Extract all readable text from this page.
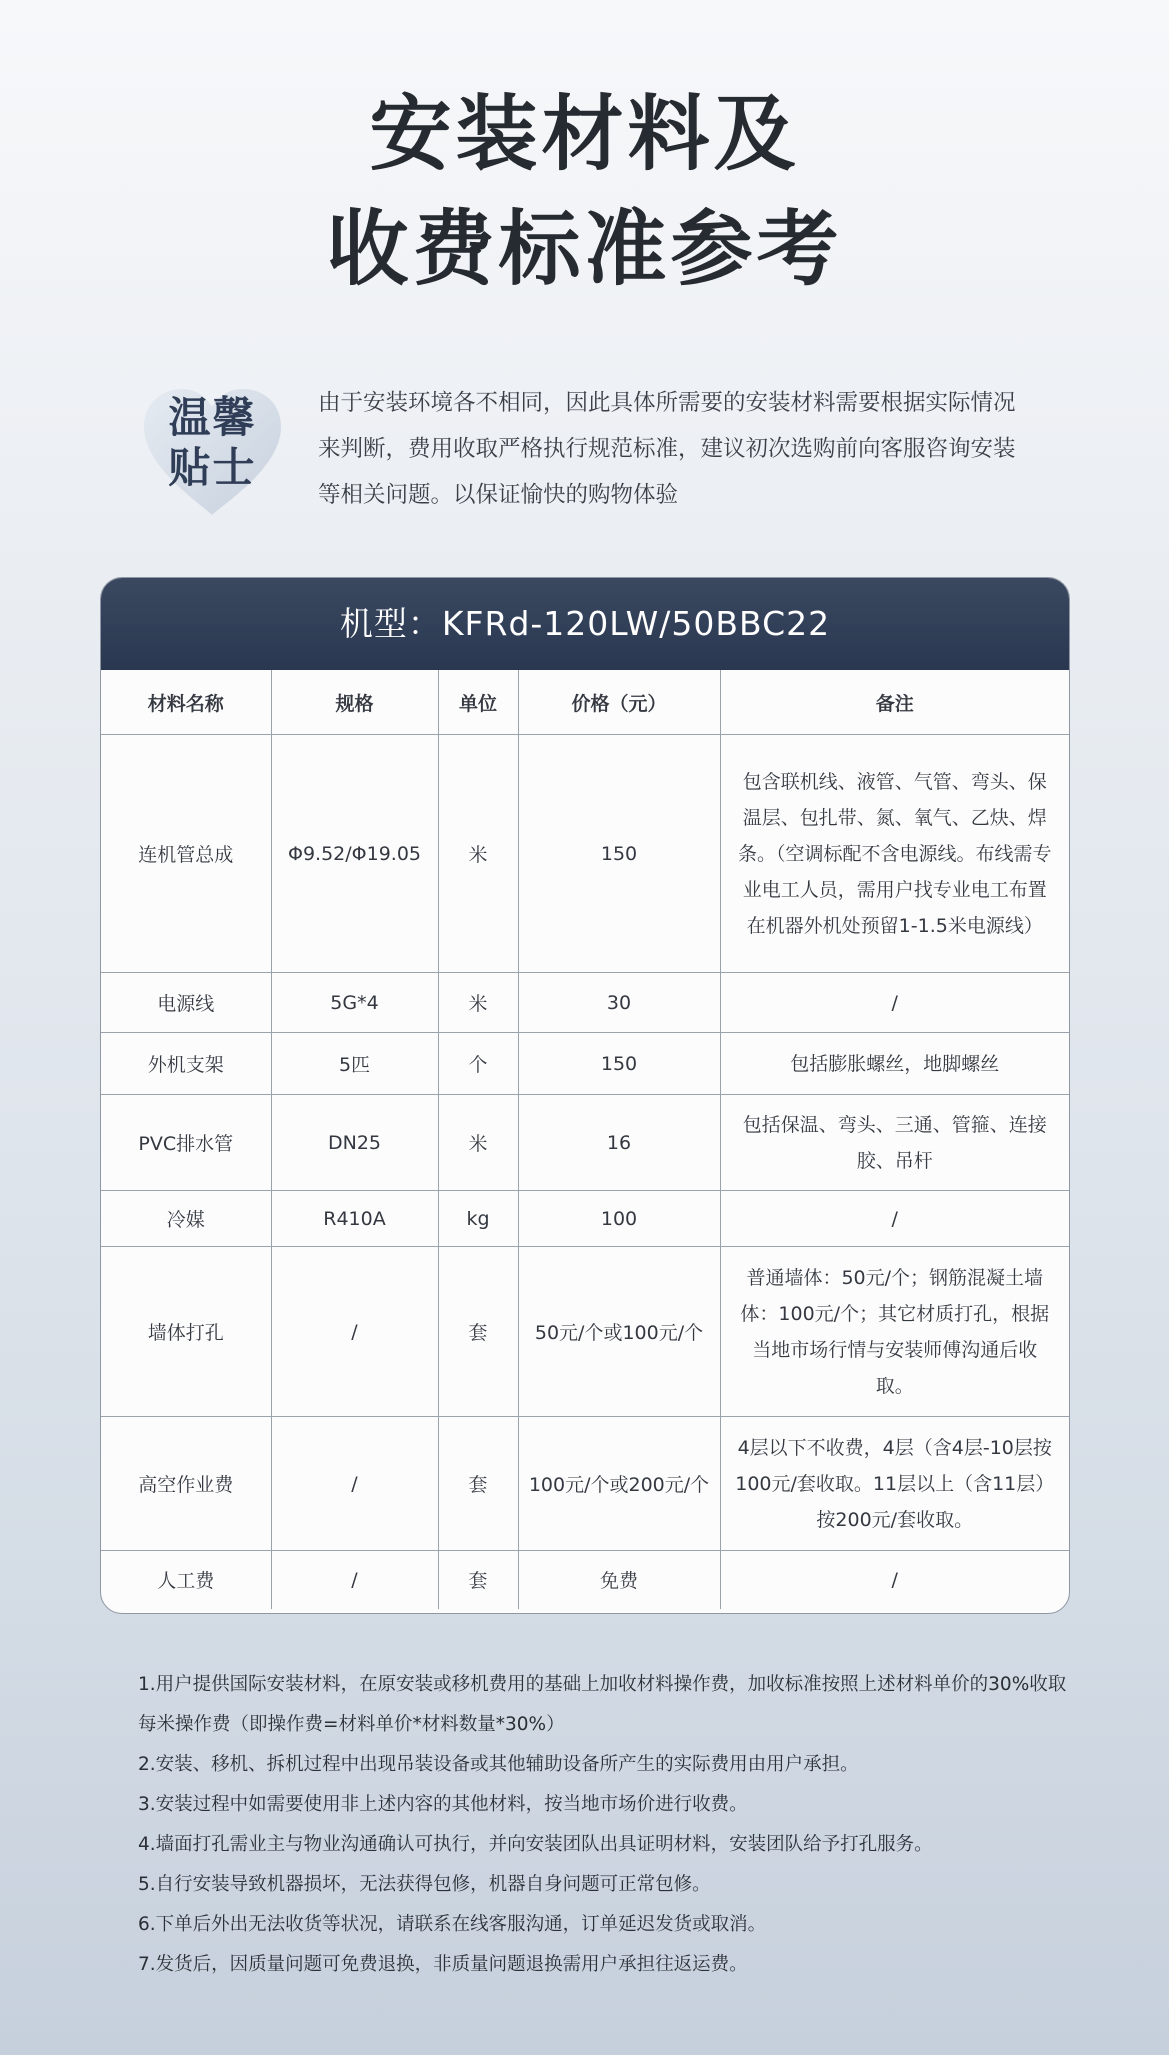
安装材料及
收费标准参考
温馨
贴士
由于安装环境各不相同，因此具体所需要的安装材料需要根据实际情况来判断，费用收取严格执行规范标准，建议初次选购前向客服咨询安装等相关问题。以保证愉快的购物体验
机型：KFRd-120LW/50BBC22
材料名称	规格	单位	价格（元）	备注
连机管总成	Φ9.52/Φ19.05	米	150	包含联机线、液管、气管、弯头、保温层、包扎带、氮、氧气、乙炔、焊条。（空调标配不含电源线。布线需专业电工人员，需用户找专业电工布置在机器外机处预留1-1.5米电源线）
电源线	5G*4	米	30	/
外机支架	5匹	个	150	包括膨胀螺丝，地脚螺丝
PVC排水管	DN25	米	16	包括保温、弯头、三通、管箍、连接胶、吊杆
冷媒	R410A	kg	100	/
墙体打孔	/	套	50元/个或100元/个	普通墙体：50元/个；钢筋混凝土墙体：100元/个；其它材质打孔，根据当地市场行情与安装师傅沟通后收取。
高空作业费	/	套	100元/个或200元/个	4层以下不收费，4层（含4层-10层按100元/套收取。11层以上（含11层）按200元/套收取。
人工费	/	套	免费	/

1.用户提供国际安装材料，在原安装或移机费用的基础上加收材料操作费，加收标准按照上述材料单价的30%收取每米操作费（即操作费=材料单价*材料数量*30%）

2.安装、移机、拆机过程中出现吊装设备或其他辅助设备所产生的实际费用由用户承担。

3.安装过程中如需要使用非上述内容的其他材料，按当地市场价进行收费。

4.墙面打孔需业主与物业沟通确认可执行，并向安装团队出具证明材料，安装团队给予打孔服务。

5.自行安装导致机器损坏，无法获得包修，机器自身问题可正常包修。

6.下单后外出无法收货等状况，请联系在线客服沟通，订单延迟发货或取消。

7.发货后，因质量问题可免费退换，非质量问题退换需用户承担往返运费。
